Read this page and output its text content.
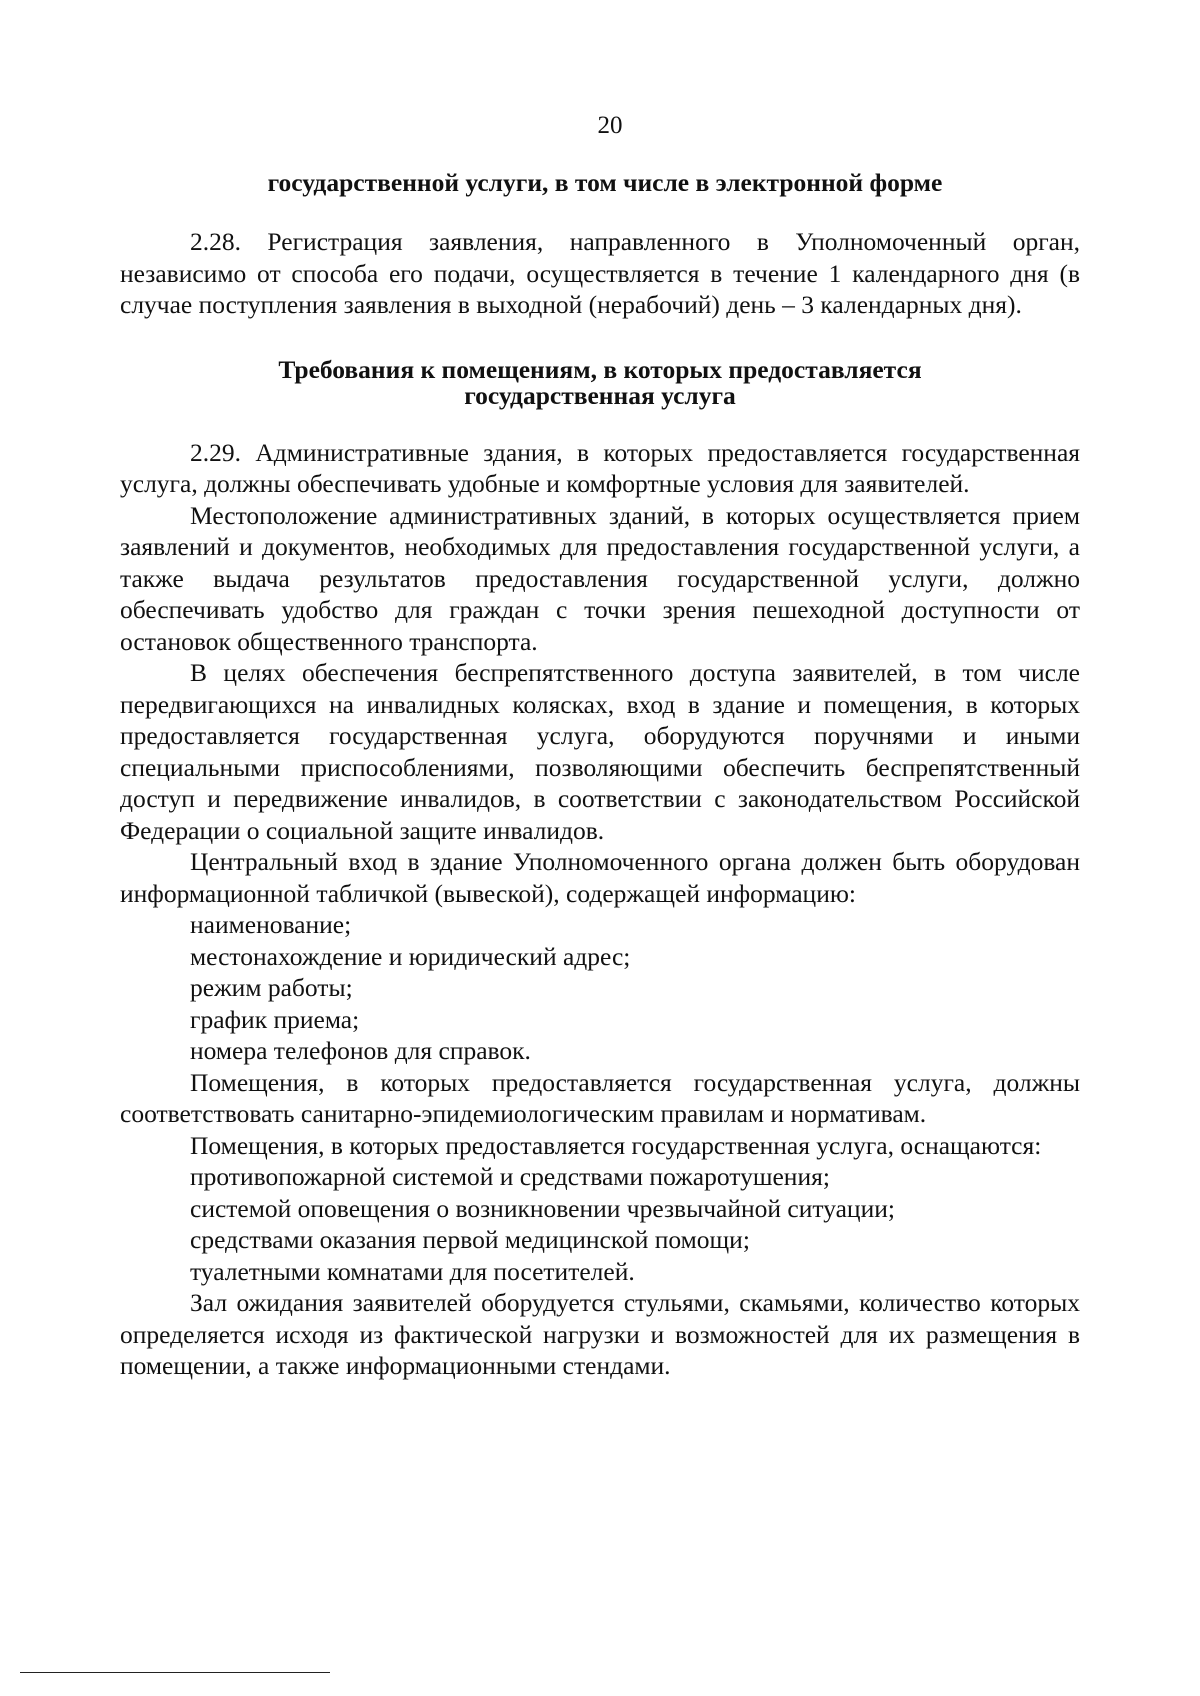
20

государственной услуги, в том числе в электронной форме

2.28. Регистрация заявления, направленного в Уполномоченный орган, независимо от способа его подачи, осуществляется в течение 1 календарного дня (в случае поступления заявления в выходной (нерабочий) день – 3 календарных дня).

Требования к помещениям, в которых предоставляется

государственная услуга

2.29. Административные здания, в которых предоставляется государственная услуга, должны обеспечивать удобные и комфортные условия для заявителей.

Местоположение административных зданий, в которых осуществляется прием заявлений и документов, необходимых для предоставления государственной услуги, а также выдача результатов предоставления государственной услуги, должно обеспечивать удобство для граждан с точки зрения пешеходной доступности от остановок общественного транспорта.

В целях обеспечения беспрепятственного доступа заявителей, в том числе передвигающихся на инвалидных колясках, вход в здание и помещения, в которых предоставляется государственная услуга, оборудуются поручнями и иными специальными приспособлениями, позволяющими обеспечить беспрепятственный доступ и передвижение инвалидов, в соответствии с законодательством Российской Федерации о социальной защите инвалидов.

Центральный вход в здание Уполномоченного органа должен быть оборудован информационной табличкой (вывеской), содержащей информацию:

наименование;

местонахождение и юридический адрес;

режим работы;

график приема;

номера телефонов для справок.

Помещения, в которых предоставляется государственная услуга, должны соответствовать санитарно-эпидемиологическим правилам и нормативам.

Помещения, в которых предоставляется государственная услуга, оснащаются:

противопожарной системой и средствами пожаротушения;

системой оповещения о возникновении чрезвычайной ситуации;

средствами оказания первой медицинской помощи;

туалетными комнатами для посетителей.

Зал ожидания заявителей оборудуется стульями, скамьями, количество которых определяется исходя из фактической нагрузки и возможностей для их размещения в помещении, а также информационными стендами.
